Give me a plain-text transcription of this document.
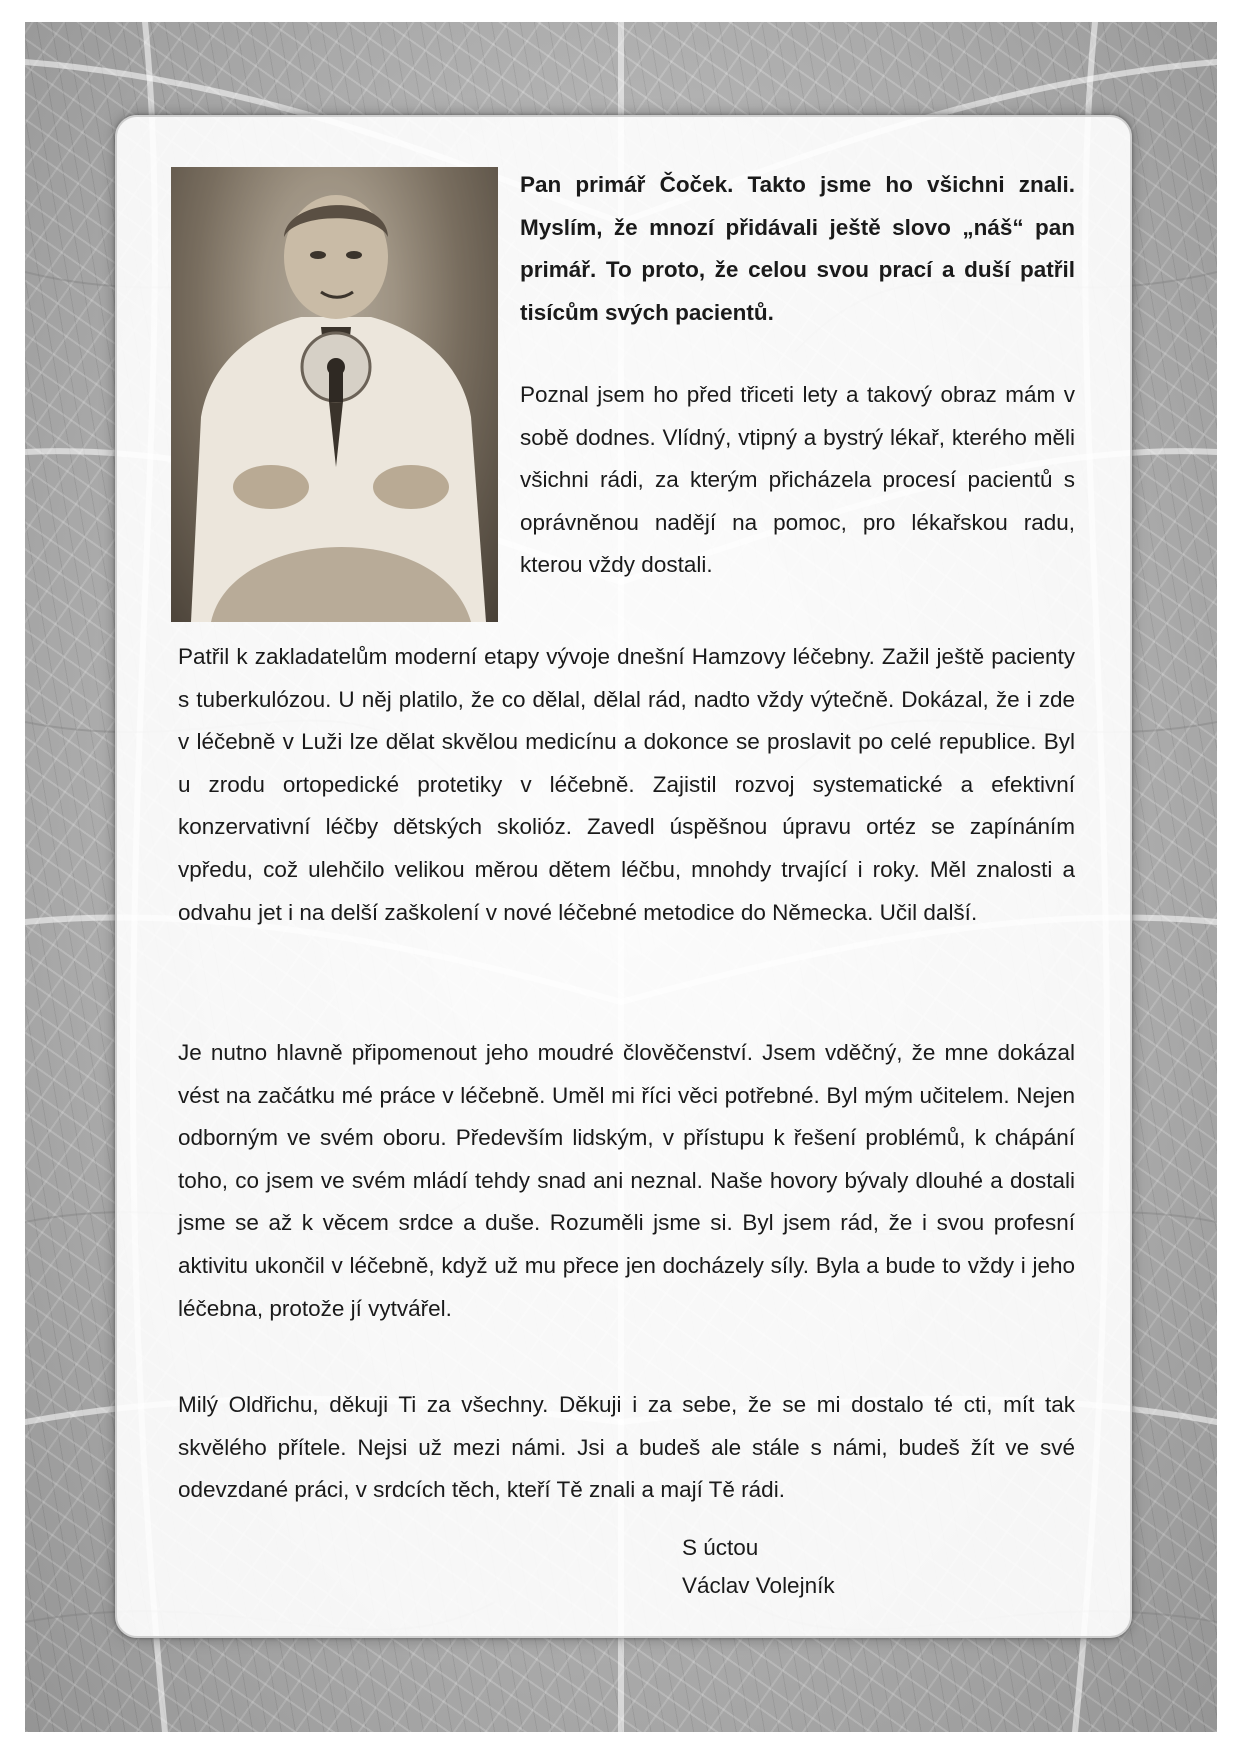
Pan primář Čoček. Takto jsme ho všichni znali. Myslím, že mnozí přidávali ještě slovo „náš“ pan primář. To proto, že celou svou prací a duší patřil tisícům svých pacientů.

Poznal jsem ho před třiceti lety a takový obraz mám v sobě dodnes. Vlídný, vtipný a bystrý lékař, kterého měli všichni rádi, za kterým přicházela procesí pacientů s oprávněnou nadějí na pomoc, pro lékařskou radu, kterou vždy dostali.

Patřil k zakladatelům moderní etapy vývoje dnešní Hamzovy léčebny. Zažil ještě pacienty s tuberkulózou. U něj platilo, že co dělal, dělal rád, nadto vždy výtečně. Dokázal, že i zde v léčebně v Luži lze dělat skvělou medicínu a dokonce se proslavit po celé republice. Byl u zrodu ortopedické protetiky v léčebně. Zajistil rozvoj systematické a efektivní konzervativní léčby dětských skolióz. Zavedl úspěšnou úpravu ortéz se zapínáním vpředu, což ulehčilo velikou měrou dětem léčbu, mnohdy trvající i roky. Měl znalosti a odvahu jet i na delší zaškolení v nové léčebné metodice do Německa. Učil další.

Je nutno hlavně připomenout jeho moudré člověčenství. Jsem vděčný, že mne dokázal vést na začátku mé práce v léčebně. Uměl mi říci věci potřebné. Byl mým učitelem. Nejen odborným ve svém oboru. Především lidským, v přístupu k řešení problémů, k chápání toho, co jsem ve svém mládí tehdy snad ani neznal. Naše hovory bývaly dlouhé a dostali jsme se až k věcem srdce a duše. Rozuměli jsme si. Byl jsem rád, že i svou profesní aktivitu ukončil v léčebně, když už mu přece jen docházely síly. Byla a bude to vždy i jeho léčebna, protože jí vytvářel.

Milý Oldřichu, děkuji Ti za všechny. Děkuji i za sebe, že se mi dostalo té cti, mít tak skvělého přítele. Nejsi už mezi námi. Jsi a budeš ale stále s námi, budeš žít ve své odevzdané práci, v srdcích těch, kteří Tě znali a mají Tě rádi.

S úctou
Václav Volejník
